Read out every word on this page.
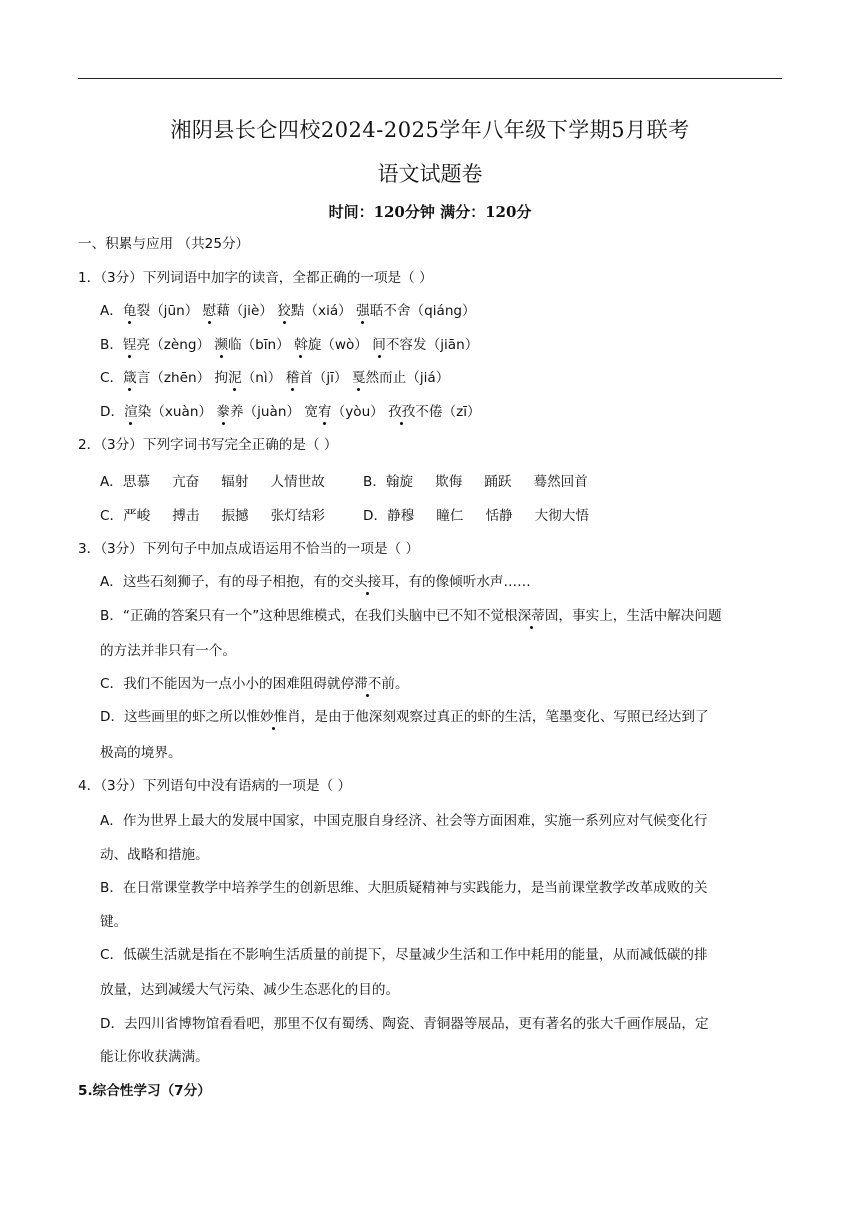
湘阴县长仑四校2024-2025学年八年级下学期5月联考
语文试题卷
时间：120分钟 满分：120分
一、积累与应用 （共25分）
1．（3分）下列词语中加字的读音，全都正确的一项是（ ）
A．龟裂（jūn） 慰藉（jiè） 狡黠（xiá） 强聒不舍（qiáng）
B．锃亮（zèng） 濒临（bīn） 斡旋（wò） 间不容发（jiān）
C．箴言（zhēn） 拘泥（nì） 稽首（jī） 戛然而止（jiá）
D．渲染（xuàn） 豢养（juàn） 宽宥（yòu） 孜孜不倦（zī）
2．（3分）下列字词书写完全正确的是（ ）
A．思慕 亢奋 辐射 人情世故	B．翰旋 欺侮 踊跃 蓦然回首
C．严峻 搏击 振撼 张灯结彩	D．静穆 瞳仁 恬静 大彻大悟
3．（3分）下列句子中加点成语运用不恰当的一项是（ ）
A．这些石刻狮子，有的母子相抱，有的交头接耳，有的像倾听水声……
B．“正确的答案只有一个”这种思维模式，在我们头脑中已不知不觉根深蒂固，事实上，生活中解决问题
的方法并非只有一个。
C．我们不能因为一点小小的困难阻碍就停滞不前。
D．这些画里的虾之所以惟妙惟肖，是由于他深刻观察过真正的虾的生活，笔墨变化、写照已经达到了
极高的境界。
4．（3分）下列语句中没有语病的一项是（ ）
A．作为世界上最大的发展中国家，中国克服自身经济、社会等方面困难，实施一系列应对气候变化行
动、战略和措施。
B．在日常课堂教学中培养学生的创新思维、大胆质疑精神与实践能力，是当前课堂教学改革成败的关
键。
C．低碳生活就是指在不影响生活质量的前提下，尽量减少生活和工作中耗用的能量，从而减低碳的排
放量，达到减缓大气污染、减少生态恶化的目的。
D．去四川省博物馆看看吧，那里不仅有蜀绣、陶瓷、青铜器等展品，更有著名的张大千画作展品，定
能让你收获满满。
5.综合性学习（7分）
